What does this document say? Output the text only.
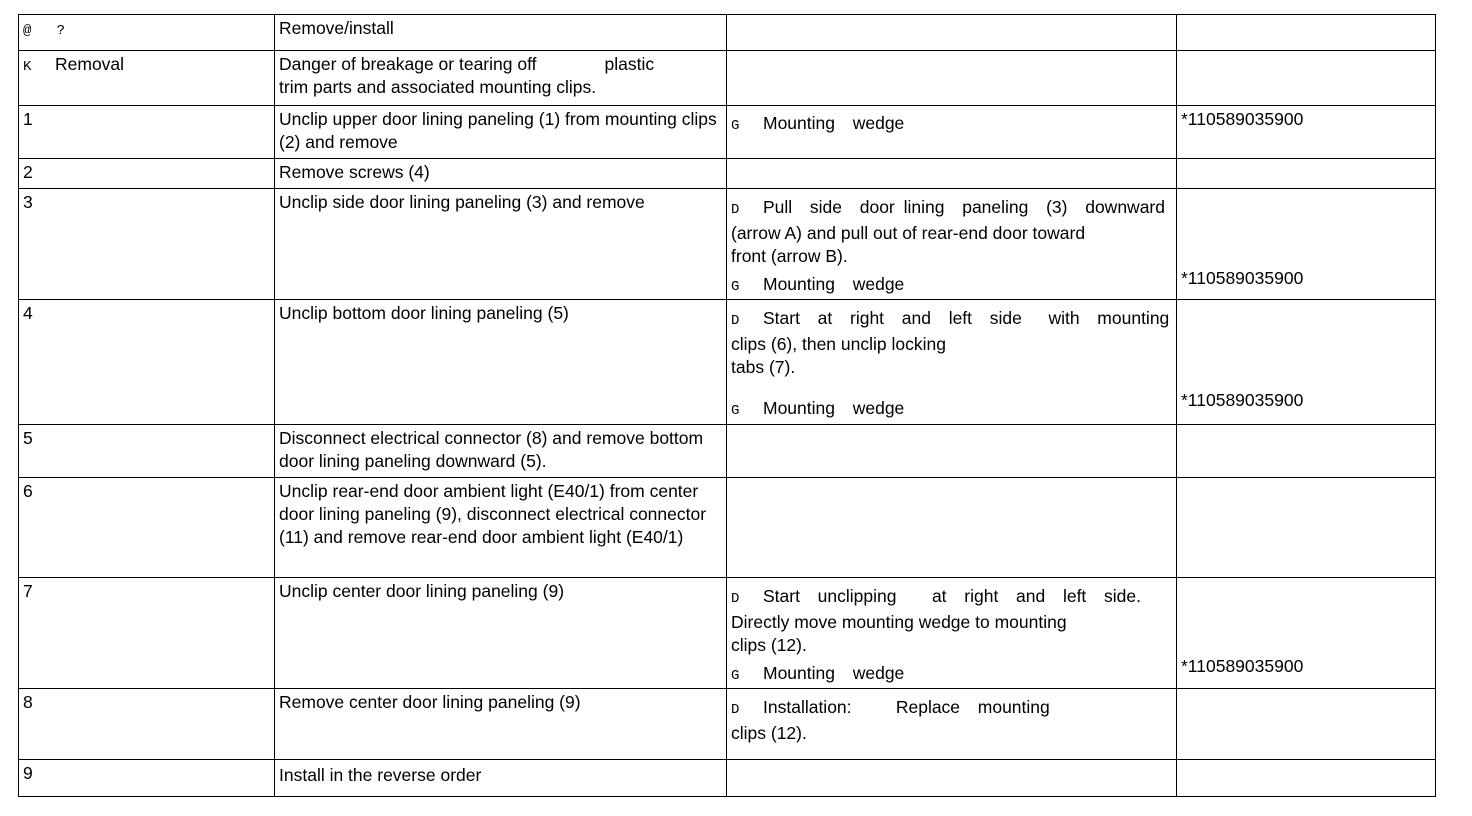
@   ?	Remove/install		
K Removal	Danger of breakage or tearing off plastic
trim parts and associated mounting clips.		

1	Unclip upper door lining paneling (1) from mounting clips (2) and remove	G Mounting  wedge	*110589035900

2	Remove screws (4)		
3	Unclip side door lining paneling (3) and remove	D Pull  side  door lining  paneling  (3)  downward
(arrow A) and pull out of rear-end door toward
front (arrow B).
G Mounting  wedge	*110589035900

4	Unclip bottom door lining paneling (5)	D Start  at  right  and  left  side   with  mounting
clips (6), then unclip locking
tabs (7).
G Mounting  wedge	*110589035900

5	Disconnect electrical connector (8) and remove bottom door lining paneling downward (5).		
6	Unclip rear-end door ambient light (E40/1) from center door lining paneling (9), disconnect electrical connector (11) and remove rear-end door ambient light (E40/1)		
7	Unclip center door lining paneling (9)	D Start  unclipping    at  right  and  left  side.
Directly move mounting wedge to mounting
clips (12).
G Mounting  wedge	*110589035900

8	Remove center door lining paneling (9)	D Installation:     Replace  mounting
clips (12).	

9	Install in the reverse order		
